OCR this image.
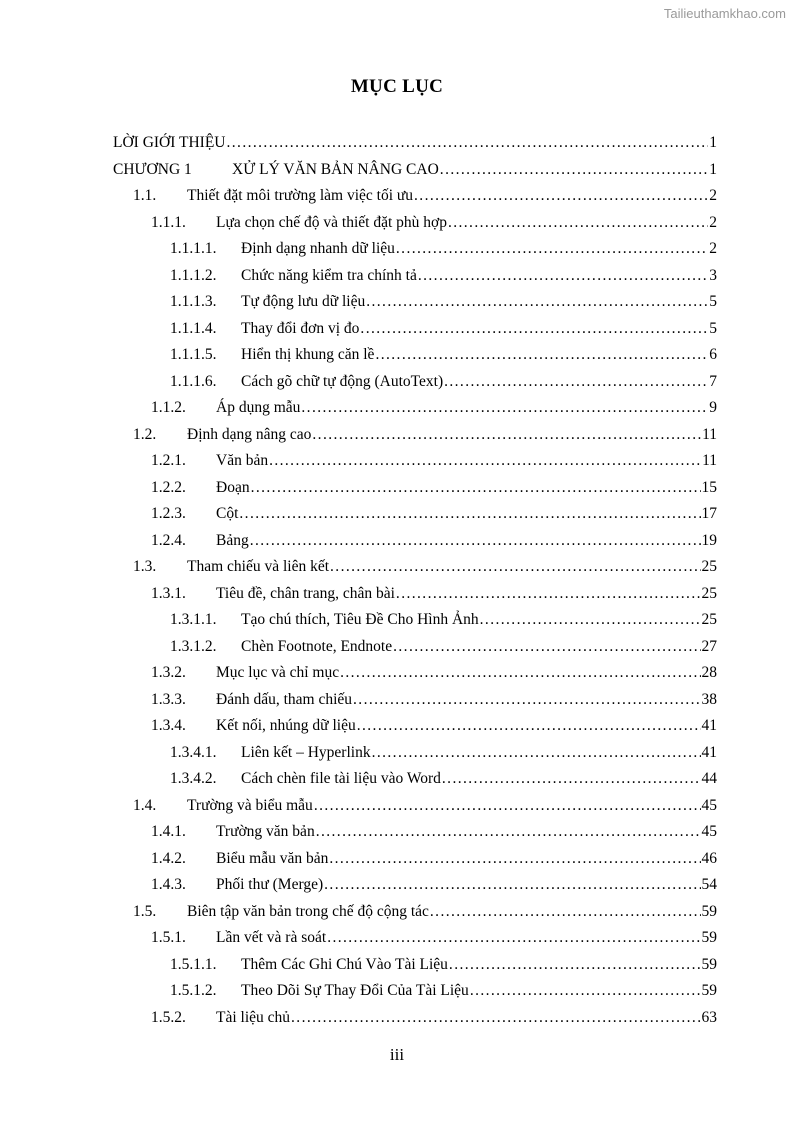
Tailieuthamkhao.com
MỤC LỤC
LỜI GIỚI THIỆU .....	1
CHƯƠNG 1	XỬ LÝ VĂN BẢN NÂNG CAO .....	1
1.1.	Thiết đặt môi trường làm việc tối ưu .....	2
1.1.1.	Lựa chọn chế độ và thiết đặt phù hợp .....	2
1.1.1.1.	Định dạng nhanh dữ liệu .....	2
1.1.1.2.	Chức năng kiểm tra chính tả .....	3
1.1.1.3.	Tự động lưu dữ liệu .....	5
1.1.1.4.	Thay đổi đơn vị đo .....	5
1.1.1.5.	Hiển thị khung căn lề .....	6
1.1.1.6.	Cách gõ chữ tự động (AutoText) .....	7
1.1.2.	Áp dụng mẫu .....	9
1.2.	Định dạng nâng cao .....	11
1.2.1.	Văn bản .....	11
1.2.2.	Đoạn .....	15
1.2.3.	Cột .....	17
1.2.4.	Bảng .....	19
1.3.	Tham chiếu và liên kết .....	25
1.3.1.	Tiêu đề, chân trang, chân bài .....	25
1.3.1.1.	Tạo chú thích, Tiêu Đề Cho Hình Ảnh .....	25
1.3.1.2.	Chèn Footnote, Endnote .....	27
1.3.2.	Mục lục và chỉ mục .....	28
1.3.3.	Đánh dấu, tham chiếu .....	38
1.3.4.	Kết nối, nhúng dữ liệu .....	41
1.3.4.1.	Liên kết – Hyperlink .....	41
1.3.4.2.	Cách chèn file tài liệu vào Word .....	44
1.4.	Trường và biểu mẫu .....	45
1.4.1.	Trường văn bản .....	45
1.4.2.	Biểu mẫu văn bản .....	46
1.4.3.	Phối thư (Merge) .....	54
1.5.	Biên tập văn bản trong chế độ cộng tác .....	59
1.5.1.	Lần vết và rà soát .....	59
1.5.1.1.	Thêm Các Ghi Chú Vào Tài Liệu .....	59
1.5.1.2.	Theo Dõi Sự Thay Đổi Của Tài Liệu .....	59
1.5.2.	Tài liệu chủ .....	63
iii
